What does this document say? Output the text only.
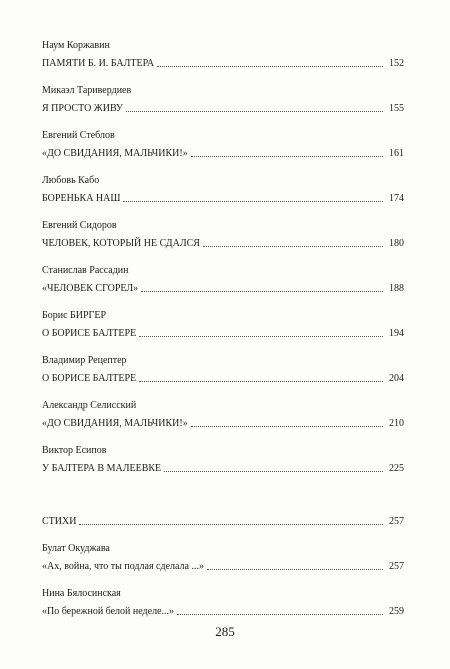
Наум Коржавин
ПАМЯТИ Б. И. БАЛТЕРА	152
Микаэл Таривердиев
Я ПРОСТО ЖИВУ	155
Евгений Стеблов
«ДО СВИДАНИЯ, МАЛЬЧИКИ!»	161
Любовь Кабо
БОРЕНЬКА НАШ	174
Евгений Сидоров
ЧЕЛОВЕК, КОТОРЫЙ НЕ СДАЛСЯ	180
Станислав Рассадин
«ЧЕЛОВЕК СГОРЕЛ»	188
Борис БИРГЕР
О БОРИСЕ БАЛТЕРЕ	194
Владимир Рецептер
О БОРИСЕ БАЛТЕРЕ	204
Александр Селисский
«ДО СВИДАНИЯ, МАЛЬЧИКИ!»	210
Виктор Есипов
У БАЛТЕРА В МАЛЕЕВКЕ	225
СТИХИ	257
Булат Окуджава
«Ах, война, что ты подлая сделала ...»	257
Нина Бялосинская
«По бережной белой неделе...»	259
285
